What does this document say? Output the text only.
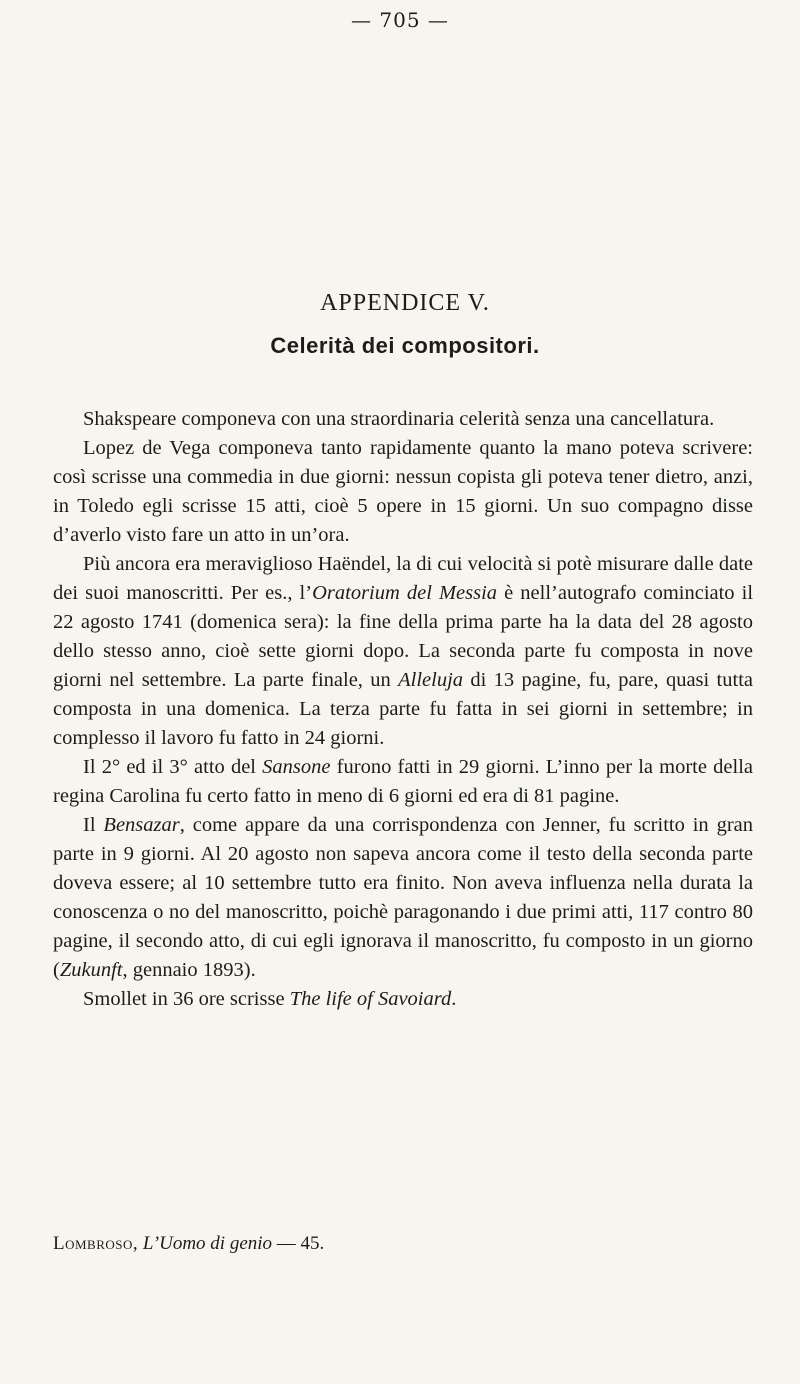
— 705 —
APPENDICE V.
Celerità dei compositori.

Shakspeare componeva con una straordinaria celerità senza una cancellatura.

Lopez de Vega componeva tanto rapidamente quanto la mano poteva scrivere: così scrisse una commedia in due giorni: nessun copista gli poteva tener dietro, anzi, in Toledo egli scrisse 15 atti, cioè 5 opere in 15 giorni. Un suo compagno disse d’averlo visto fare un atto in un’ora.

Più ancora era meraviglioso Haëndel, la di cui velocità si potè misurare dalle date dei suoi manoscritti. Per es., l’Oratorium del Messia è nell’autografo cominciato il 22 agosto 1741 (domenica sera): la fine della prima parte ha la data del 28 agosto dello stesso anno, cioè sette giorni dopo. La seconda parte fu composta in nove giorni nel settembre. La parte finale, un Alleluja di 13 pagine, fu, pare, quasi tutta composta in una domenica. La terza parte fu fatta in sei giorni in settembre; in complesso il lavoro fu fatto in 24 giorni.

Il 2° ed il 3° atto del Sansone furono fatti in 29 giorni. L’inno per la morte della regina Carolina fu certo fatto in meno di 6 giorni ed era di 81 pagine.

Il Bensazar, come appare da una corrispondenza con Jenner, fu scritto in gran parte in 9 giorni. Al 20 agosto non sapeva ancora come il testo della seconda parte doveva essere; al 10 settembre tutto era finito. Non aveva influenza nella durata la conoscenza o no del manoscritto, poichè paragonando i due primi atti, 117 contro 80 pagine, il secondo atto, di cui egli ignorava il manoscritto, fu composto in un giorno (Zukunft, gennaio 1893).

Smollet in 36 ore scrisse The life of Savoiard.

Lombroso, L’Uomo di genio — 45.
